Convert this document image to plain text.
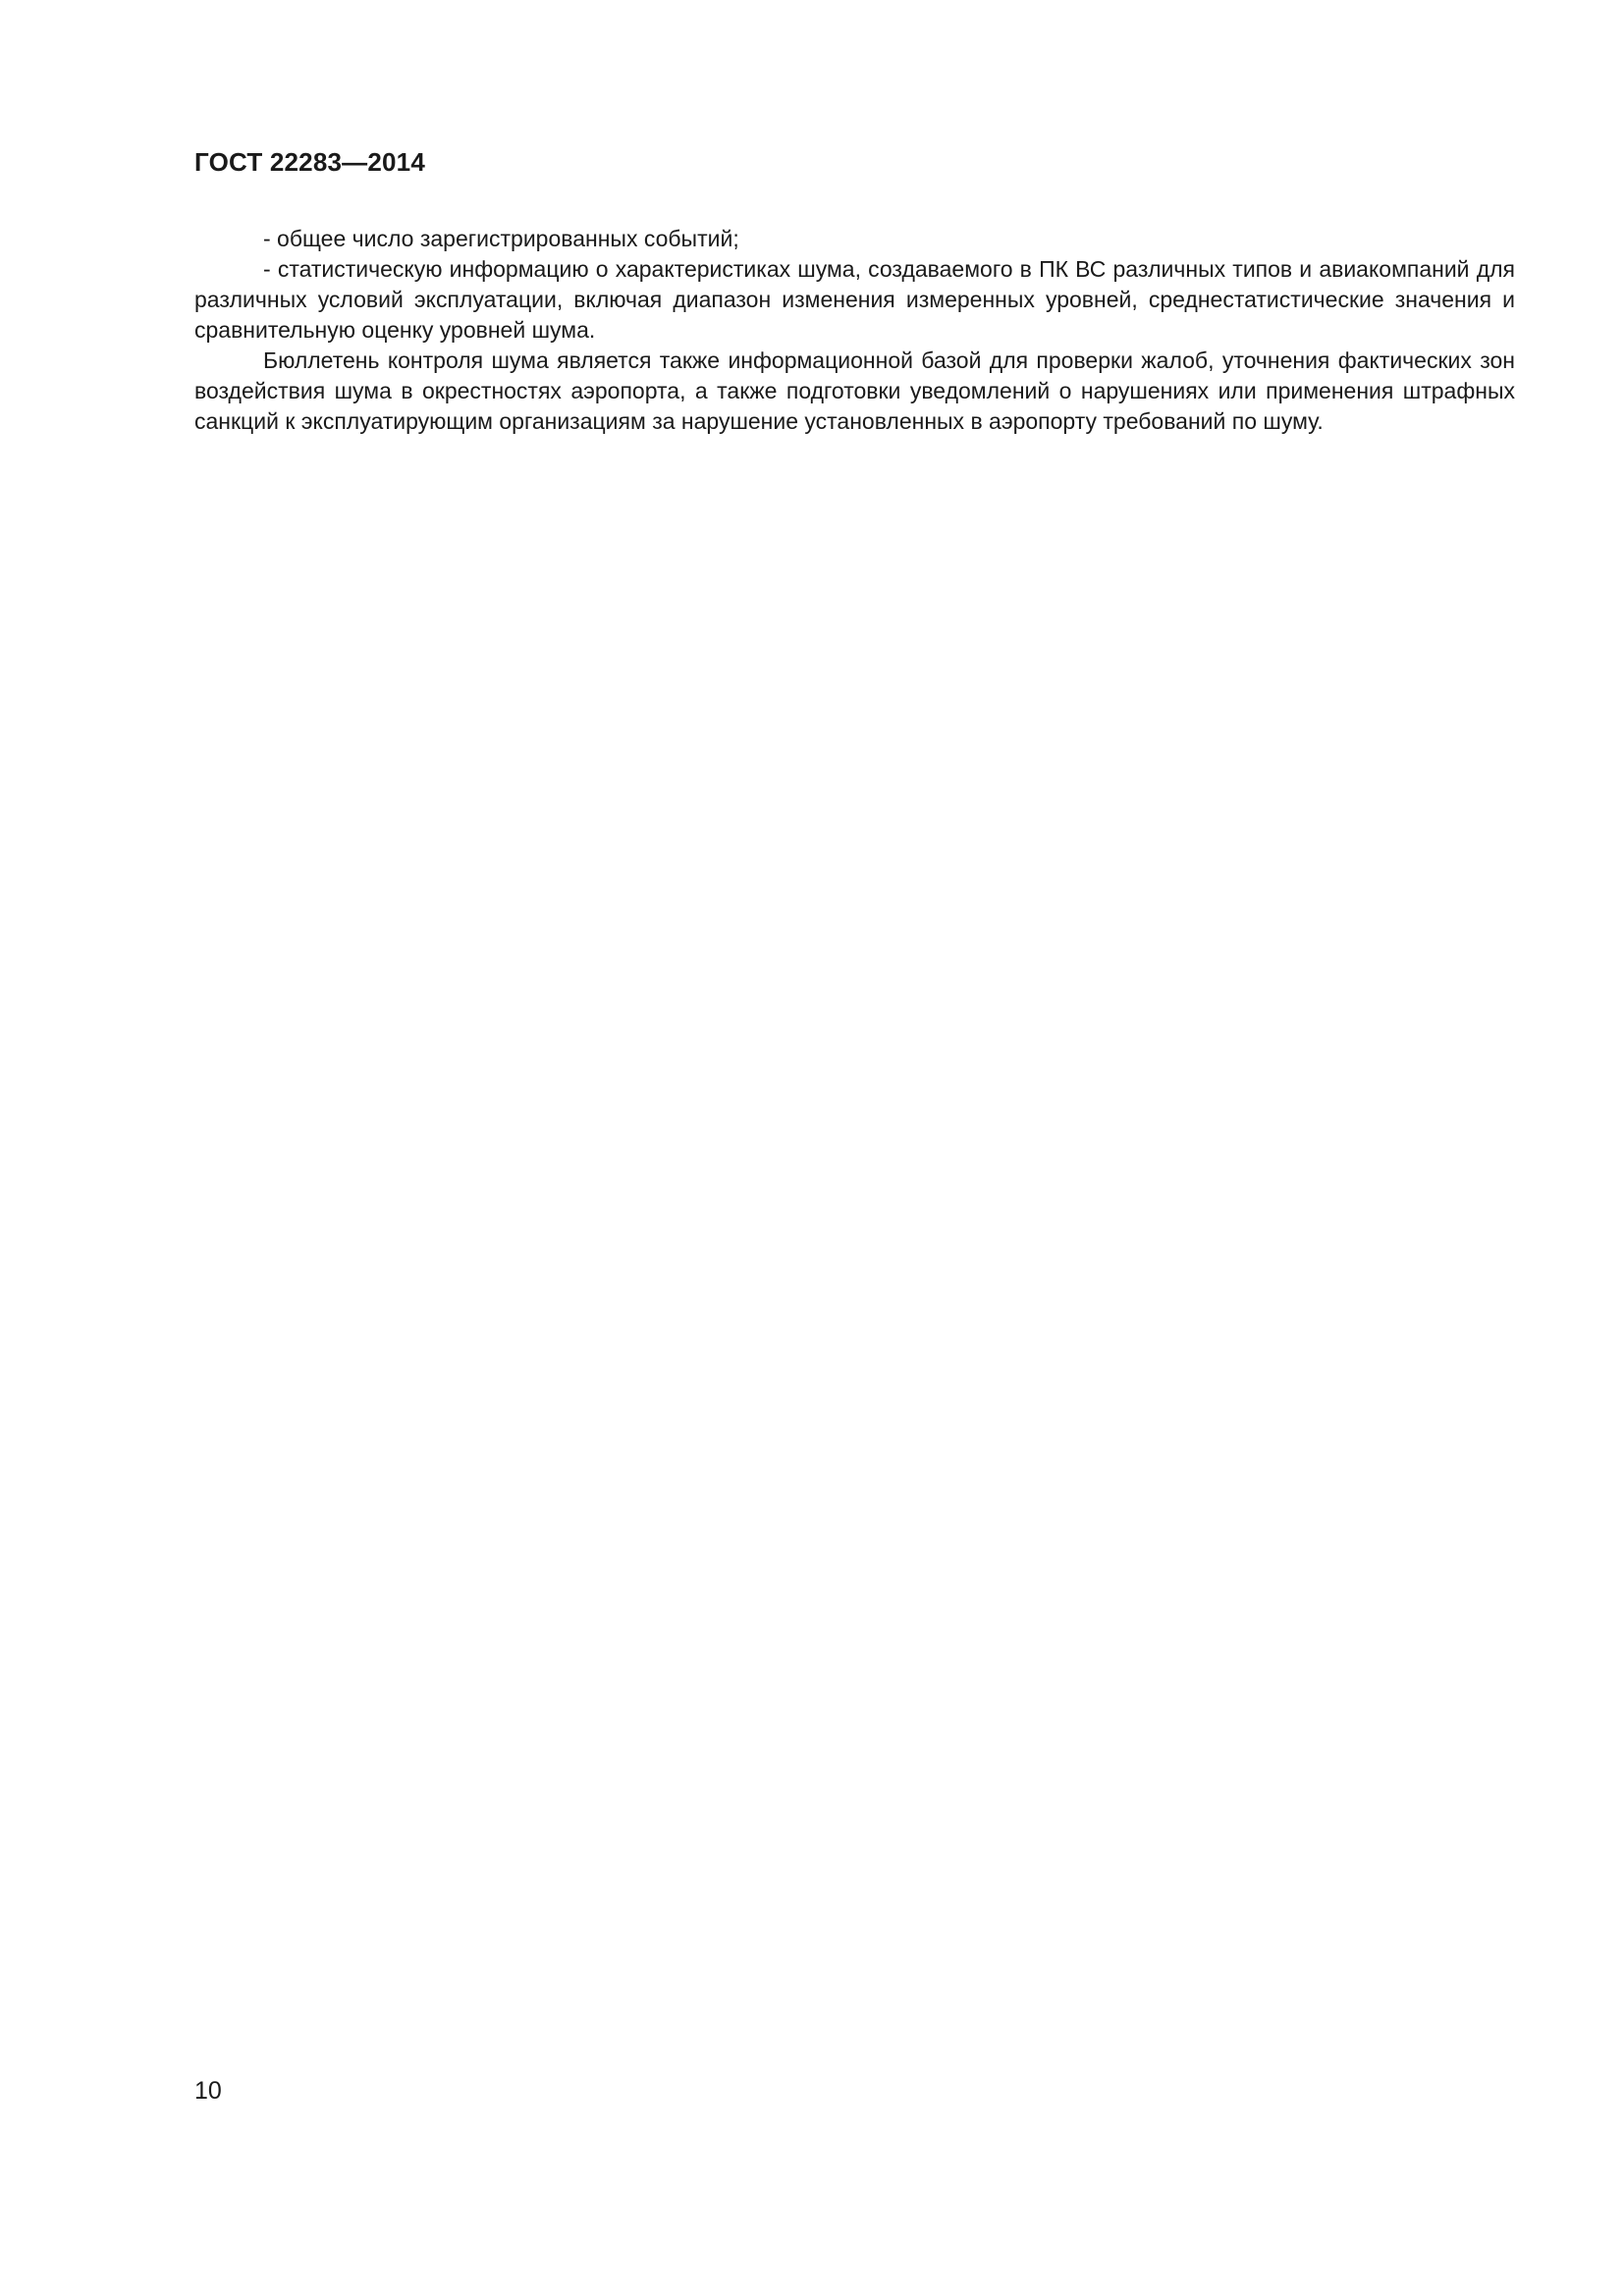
ГОСТ 22283—2014

- общее число зарегистрированных событий;

- статистическую информацию о характеристиках шума, создаваемого в ПК ВС различных типов и авиакомпаний для различных условий эксплуатации, включая диапазон изменения измеренных уровней, среднестатистические значения и сравнительную оценку уровней шума.

Бюллетень контроля шума является также информационной базой для проверки жалоб, уточнения фактических зон воздействия шума в окрестностях аэропорта, а также подготовки уведомлений о нарушениях или применения штрафных санкций к эксплуатирующим организациям за нарушение установленных в аэропорту требований по шуму.

10
